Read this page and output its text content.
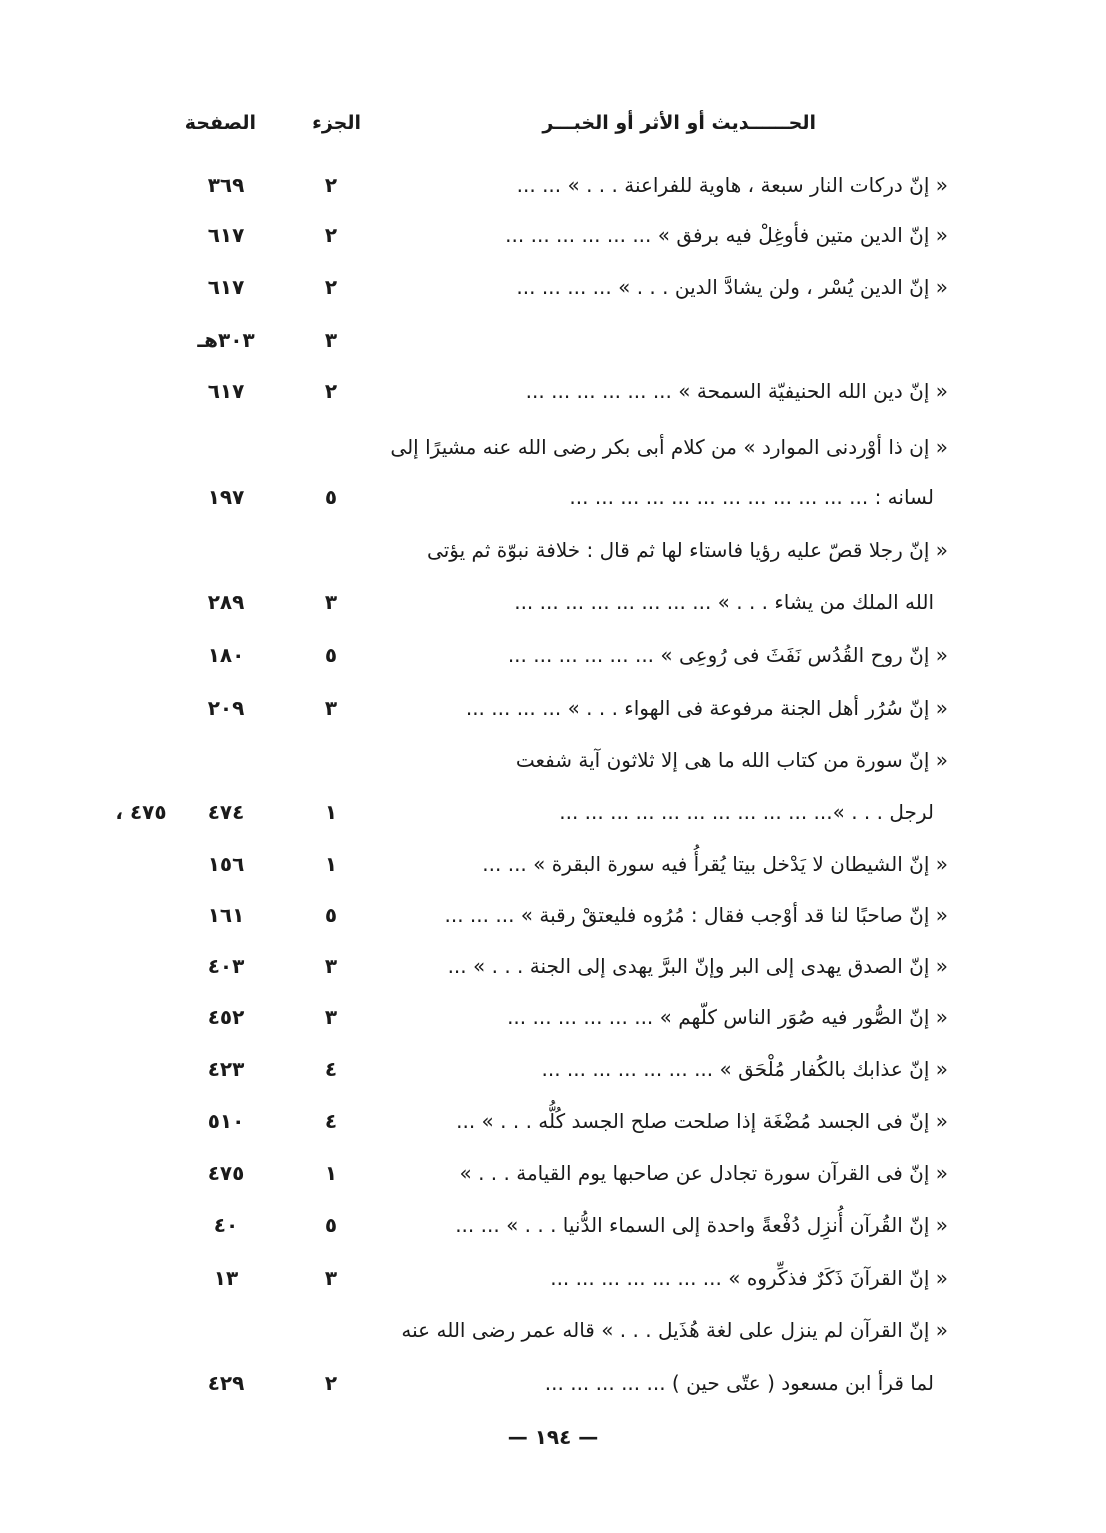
الحــــــديث أو الأثر أو الخبـــر
الجزء
الصفحة
« إنّ دركات النار سبعة ، هاوية للفراعنة . . . » ... ...
٢
٣٦٩
« إنّ الدين متين فأوغِلْ فيه برفق » ... ... ... ... ... ...
٢
٦١٧
« إنّ الدين يُسْر ، ولن يشادَّ الدين . . . » ... ... ... ...
٢
٦١٧
٣
٣٠٣هـ
« إنّ دين الله الحنيفيّة السمحة » ... ... ... ... ... ...
٢
٦١٧
« إن ذا أوْردنى الموارد » من كلام أبى بكر رضى الله عنه مشيرًا إلى
لسانه : ... ... ... ... ... ... ... ... ... ... ... ...
٥
١٩٧
« إنّ رجلا قصّ عليه رؤيا فاستاء لها ثم قال : خلافة نبوّة ثم يؤتى
الله الملك من يشاء . . . » ... ... ... ... ... ... ... ...
٣
٢٨٩
« إنّ روح القُدُس نَفَثَ فى رُوعِى » ... ... ... ... ... ...
٥
١٨٠
« إنّ سُرُر أهل الجنة مرفوعة فى الهواء . . . » ... ... ... ...
٣
٢٠٩
« إنّ سورة من كتاب الله ما هى إلا ثلاثون آية شفعت
لرجل . . . »... ... ... ... ... ... ... ... ... ... ...
١
٤٧٤
٤٧٥ ،
« إنّ الشيطان لا يَدْخل بيتا يُقرأُ فيه سورة البقرة » ... ...
١
١٥٦
« إنّ صاحبًا لنا قد أوْجب فقال : مُرُوه فليعتقْ رقبة » ... ... ...
٥
١٦١
« إنّ الصدق يهدى إلى البر وإنّ البرَّ يهدى إلى الجنة . . . » ...
٣
٤٠٣
« إنّ الصُّور فيه صُوَر الناس كلّهم » ... ... ... ... ... ...
٣
٤٥٢
« إنّ عذابك بالكُفار مُلْحَق » ... ... ... ... ... ... ...
٤
٤٢٣
« إنّ فى الجسد مُضْغَة إذا صلحت صلح الجسد كُلُّه . . . » ...
٤
٥١٠
« إنّ فى القرآن سورة تجادل عن صاحبها يوم القيامة . . . »
١
٤٧٥
« إنّ القُرآن أُنزِل دُفْعةً واحدة إلى السماء الدُّنيا . . . » ... ...
٥
٤٠
« إنّ القرآنَ ذَكَرٌ فذكِّروه » ... ... ... ... ... ... ...
٣
١٣
« إنّ القرآن لم ينزل على لغة هُذَيل . . . » قاله عمر رضى الله عنه
لما قرأ ابن مسعود ( عتّى حين ) ... ... ... ... ...
٢
٤٢٩
— ١٩٤ —
